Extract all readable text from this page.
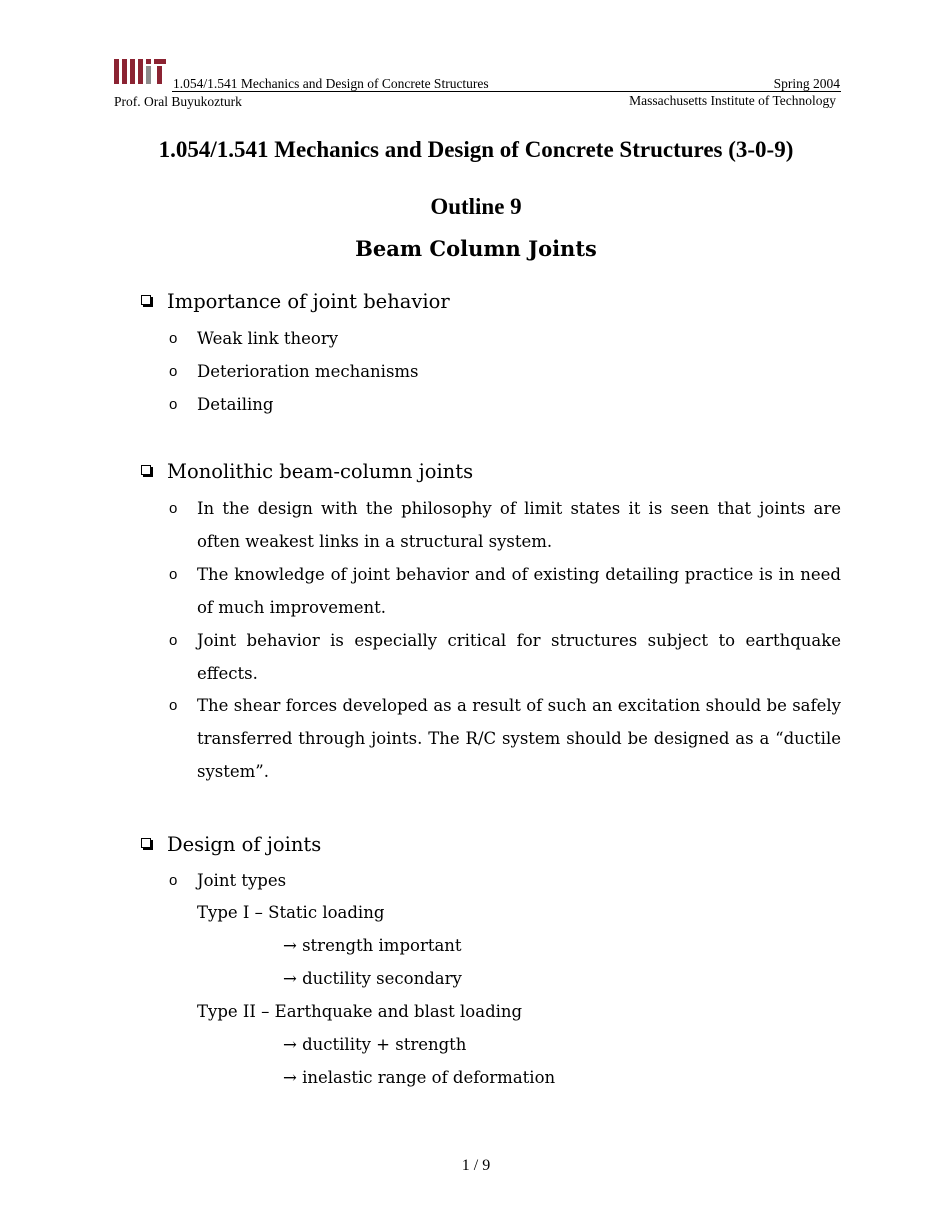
1.054/1.541 Mechanics and Design of Concrete Structures	Spring 2004
Prof. Oral Buyukozturk	Massachusetts Institute of Technology
1.054/1.541 Mechanics and Design of Concrete Structures (3-0-9)
Outline 9
Beam Column Joints
Importance of joint behavior
o Weak link theory
o Deterioration mechanisms
o Detailing
Monolithic beam-column joints
o In the design with the philosophy of limit states it is seen that joints are often weakest links in a structural system.
o The knowledge of joint behavior and of existing detailing practice is in need of much improvement.
o Joint behavior is especially critical for structures subject to earthquake effects.
o The shear forces developed as a result of such an excitation should be safely transferred through joints. The R/C system should be designed as a “ductile system”.
Design of joints
o Joint types
Type I – Static loading
→ strength important
→ ductility secondary
Type II – Earthquake and blast loading
→ ductility + strength
→ inelastic range of deformation
1 / 9
